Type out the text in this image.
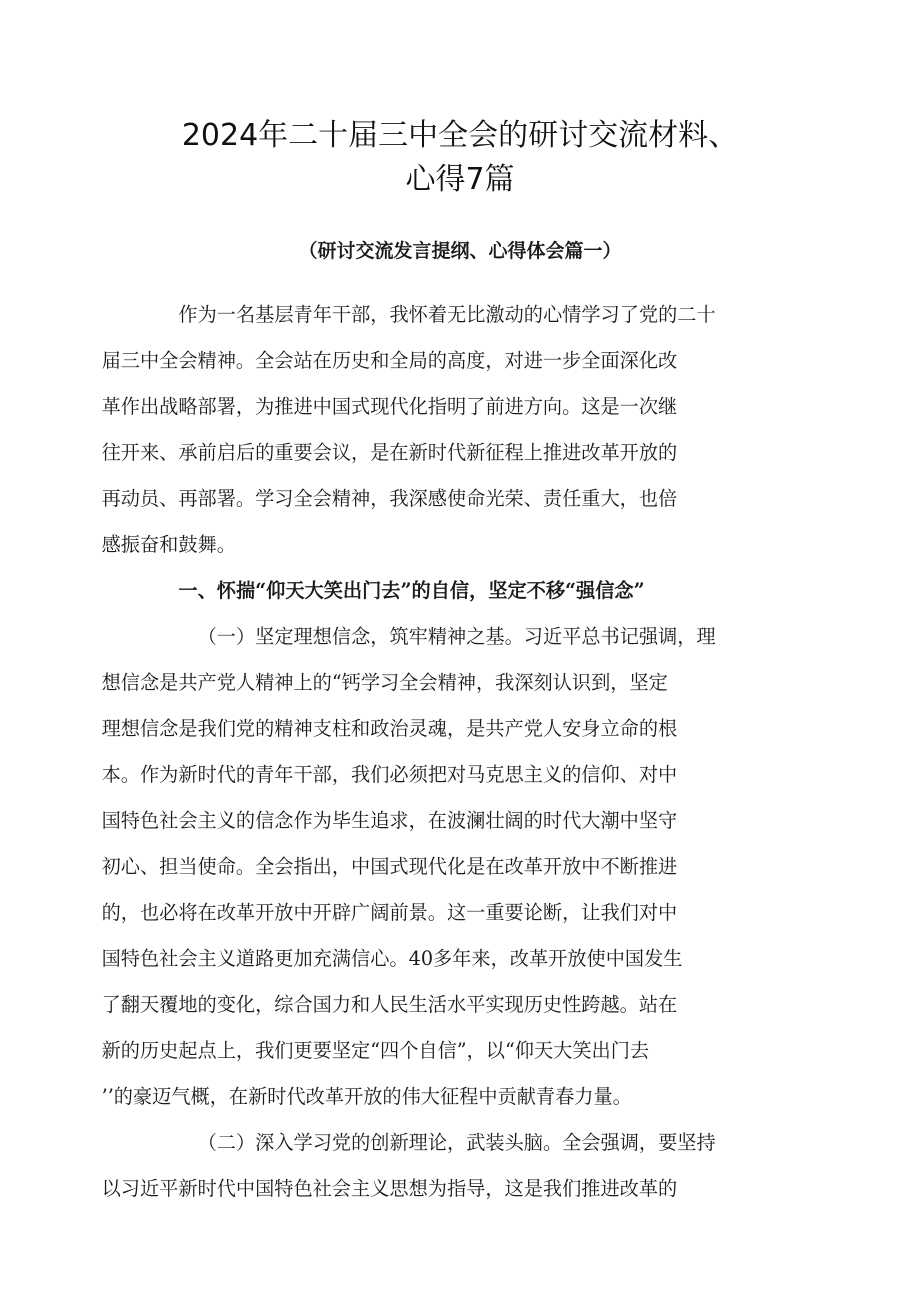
2024年二十届三中全会的研讨交流材料、
心得7篇
（研讨交流发言提纲、心得体会篇一）

作为一名基层青年干部，我怀着无比激动的心情学习了党的二十
届三中全会精神。全会站在历史和全局的高度，对进一步全面深化改
革作出战略部署，为推进中国式现代化指明了前进方向。这是一次继
往开来、承前启后的重要会议，是在新时代新征程上推进改革开放的
再动员、再部署。学习全会精神，我深感使命光荣、责任重大，也倍
感振奋和鼓舞。

一、怀揣“仰天大笑出门去”的自信，坚定不移“强信念”

（一）坚定理想信念，筑牢精神之基。习近平总书记强调，理
想信念是共产党人精神上的“钙学习全会精神，我深刻认识到，坚定
理想信念是我们党的精神支柱和政治灵魂，是共产党人安身立命的根
本。作为新时代的青年干部，我们必须把对马克思主义的信仰、对中
国特色社会主义的信念作为毕生追求，在波澜壮阔的时代大潮中坚守
初心、担当使命。全会指出，中国式现代化是在改革开放中不断推进
的，也必将在改革开放中开辟广阔前景。这一重要论断，让我们对中
国特色社会主义道路更加充满信心。40多年来，改革开放使中国发生
了翻天覆地的变化，综合国力和人民生活水平实现历史性跨越。站在
新的历史起点上，我们更要坚定“四个自信”，以“仰天大笑出门去
’’的豪迈气概，在新时代改革开放的伟大征程中贡献青春力量。

（二）深入学习党的创新理论，武装头脑。全会强调，要坚持
以习近平新时代中国特色社会主义思想为指导，这是我们推进改革的
